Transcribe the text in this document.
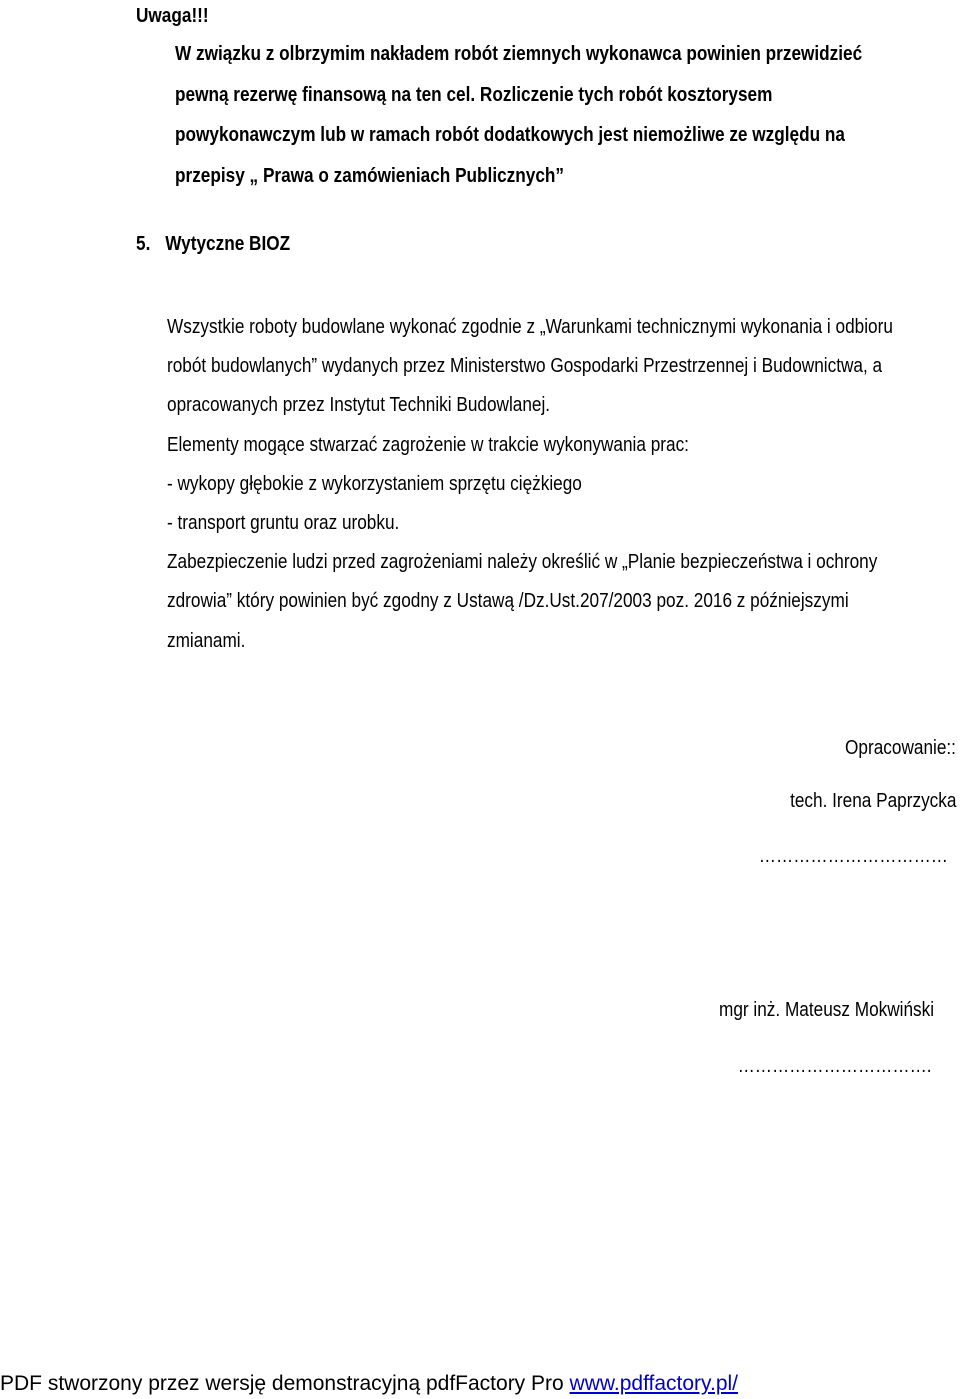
Uwaga!!!
W związku z olbrzymim nakładem robót ziemnych wykonawca powinien przewidzieć
pewną rezerwę finansową na ten cel. Rozliczenie tych robót kosztorysem
powykonawczym lub w ramach robót dodatkowych jest niemożliwe ze względu na
przepisy „ Prawa o zamówieniach Publicznych”
5. Wytyczne BIOZ
Wszystkie roboty budowlane wykonać zgodnie z „Warunkami technicznymi wykonania i odbioru
robót budowlanych” wydanych przez Ministerstwo Gospodarki Przestrzennej i Budownictwa, a
opracowanych przez Instytut Techniki Budowlanej.
Elementy mogące stwarzać zagrożenie w trakcie wykonywania prac:
- wykopy głębokie z wykorzystaniem sprzętu ciężkiego
- transport gruntu oraz urobku.
Zabezpieczenie ludzi przed zagrożeniami należy określić w „Planie bezpieczeństwa i ochrony
zdrowia” który powinien być zgodny z Ustawą /Dz.Ust.207/2003 poz. 2016 z późniejszymi
zmianami.
Opracowanie::
tech. Irena Paprzycka
……………………………
mgr inż. Mateusz Mokwiński
…………………………….
PDF stworzony przez wersję demonstracyjną pdfFactory Pro www.pdffactory.pl/
